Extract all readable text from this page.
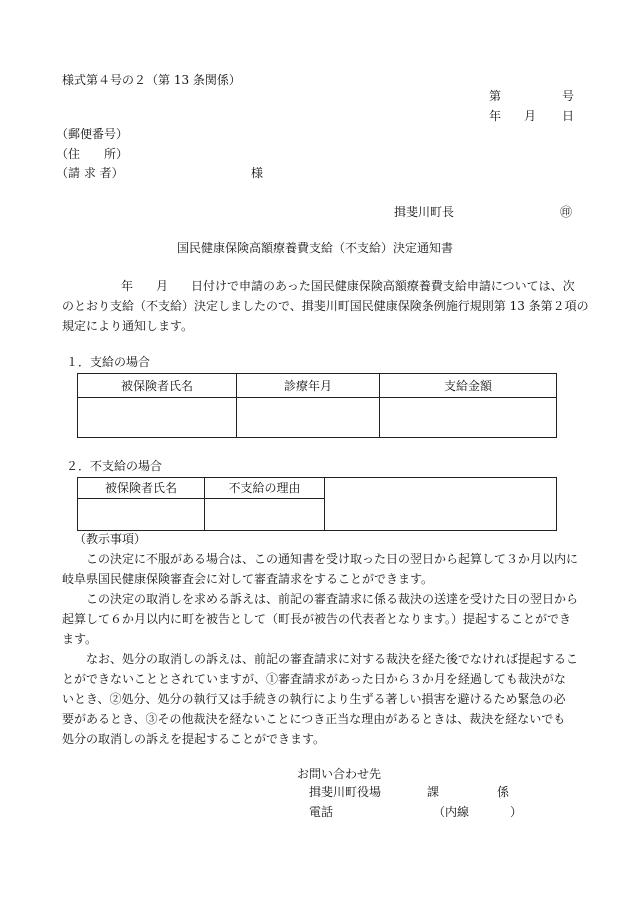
様式第４号の２（第 13 条関係）
第	号
年 月 日
（郵便番号）
（住　　所）
（請 求 者）	様
揖斐川町長	㊞
国民健康保険高額療養費支給（不支給）決定通知書
年 月 日付けで申請のあった国民健康保険高額療養費支給申請については、次
のとおり支給（不支給）決定しましたので、揖斐川町国民健康保険条例施行規則第 13 条第２項の
規定により通知します。
１．支給の場合
被保険者氏名	診療年月	支給金額

２．不支給の場合
被保険者氏名	不支給の理由	

（教示事項）
この決定に不服がある場合は、この通知書を受け取った日の翌日から起算して３か月以内に
岐阜県国民健康保険審査会に対して審査請求をすることができます。
この決定の取消しを求める訴えは、前記の審査請求に係る裁決の送達を受けた日の翌日から
起算して６か月以内に町を被告として（町長が被告の代表者となります。）提起することができ
ます。
なお、処分の取消しの訴えは、前記の審査請求に対する裁決を経た後でなければ提起するこ
とができないこととされていますが、①審査請求があった日から３か月を経過しても裁決がな
いとき、②処分、処分の執行又は手続きの執行により生ずる著しい損害を避けるため緊急の必
要があるとき、③その他裁決を経ないことにつき正当な理由があるときは、裁決を経ないでも
処分の取消しの訴えを提起することができます。
お問い合わせ先
揖斐川町役場	課	係
電話	（内線	）
